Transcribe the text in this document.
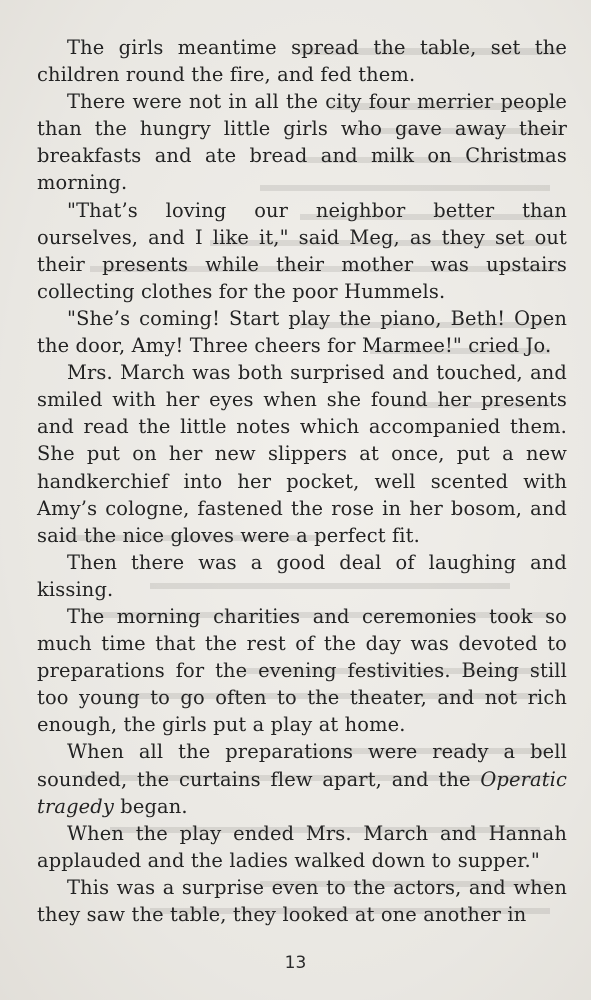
The girls meantime spread the table, set the children round the fire, and fed them.

There were not in all the city four merrier people than the hungry little girls who gave away their breakfasts and ate bread and milk on Christmas morning.

"That’s loving our neighbor better than ourselves, and I like it," said Meg, as they set out their presents while their mother was upstairs collecting clothes for the poor Hummels.

"She’s coming! Start play the piano, Beth! Open the door, Amy! Three cheers for Marmee!" cried Jo.

Mrs. March was both surprised and touched, and smiled with her eyes when she found her presents and read the little notes which accompanied them. She put on her new slippers at once, put a new handkerchief into her pocket, well scented with Amy’s cologne, fastened the rose in her bosom, and said the nice gloves were a perfect fit.

Then there was a good deal of laughing and kissing.

The morning charities and ceremonies took so much time that the rest of the day was devoted to preparations for the evening festivities. Being still too young to go often to the theater, and not rich enough, the girls put a play at home.

When all the preparations were ready a bell sounded, the curtains flew apart, and the Operatic tragedy began.

When the play ended Mrs. March and Hannah applauded and the ladies walked down to supper."

This was a surprise even to the actors, and when they saw the table, they looked at one another in

13
